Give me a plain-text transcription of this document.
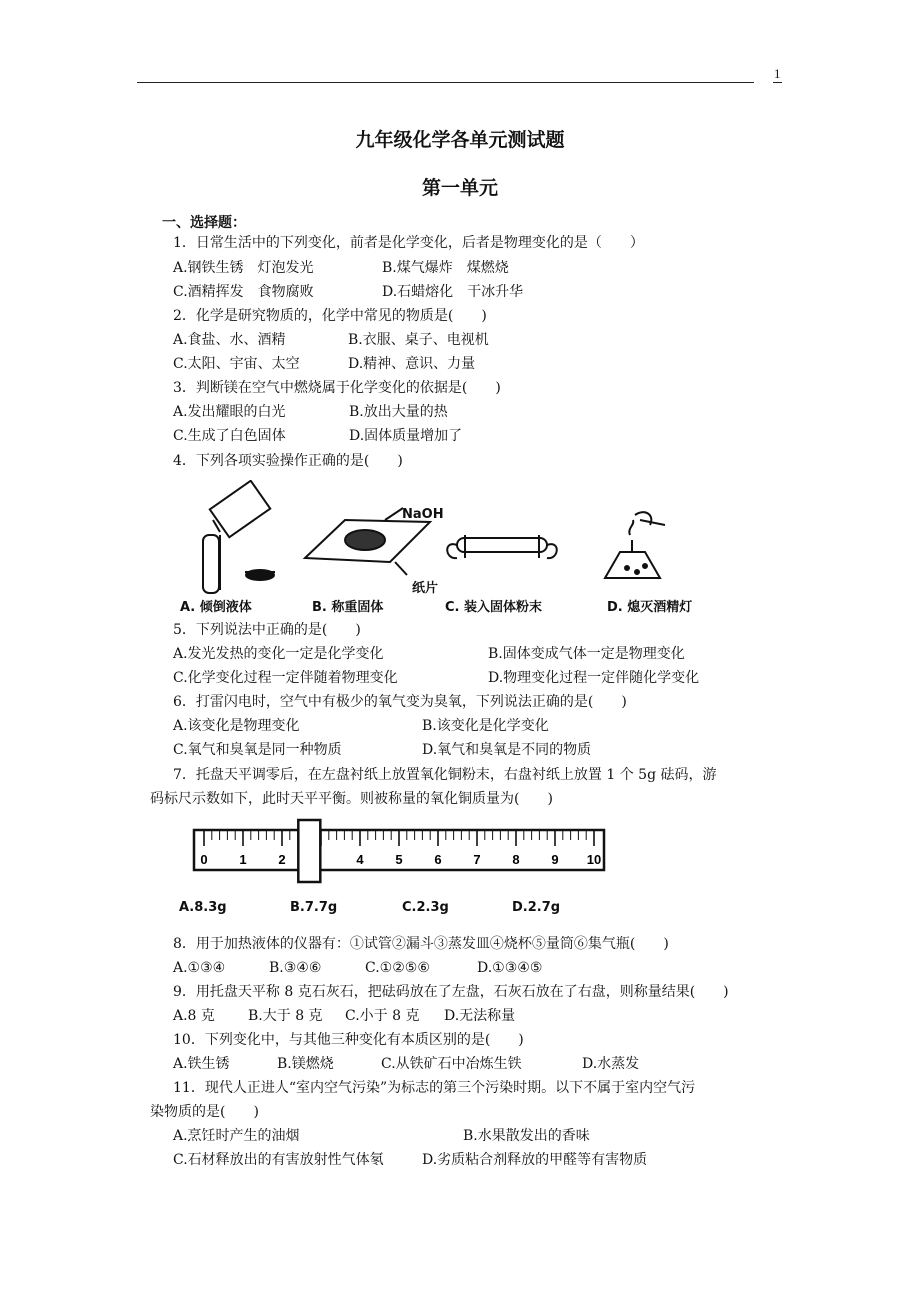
1
九年级化学各单元测试题
第一单元
一、选择题：
1．日常生活中的下列变化，前者是化学变化，后者是物理变化的是（　　）
A.钢铁生锈　灯泡发光	B.煤气爆炸　煤燃烧
C.酒精挥发　食物腐败	D.石蜡熔化　干冰升华
2．化学是研究物质的，化学中常见的物质是(　　)
A.食盐、水、酒精	B.衣服、桌子、电视机
C.太阳、宇宙、太空	D.精神、意识、力量
3．判断镁在空气中燃烧属于化学变化的依据是(　　)
A.发出耀眼的白光	B.放出大量的热
C.生成了白色固体	D.固体质量增加了
4．下列各项实验操作正确的是(　　)
NaOH
纸片
A. 倾倒液体	B. 称重固体	C. 装入固体粉末	D. 熄灭酒精灯
5．下列说法中正确的是(　　)
A.发光发热的变化一定是化学变化	B.固体变成气体一定是物理变化
C.化学变化过程一定伴随着物理变化	D.物理变化过程一定伴随化学变化
6．打雷闪电时，空气中有极少的氧气变为臭氧，下列说法正确的是(　　)
A.该变化是物理变化	B.该变化是化学变化
C.氧气和臭氧是同一种物质	D.氧气和臭氧是不同的物质
7．托盘天平调零后，在左盘衬纸上放置氧化铜粉末，右盘衬纸上放置 1 个 5g 砝码，游
码标尺示数如下，此时天平平衡。则被称量的氧化铜质量为(　　)
0 1 2	4 5 6 7 8 9 10
A.8.3g	B.7.7g	C.2.3g	D.2.7g
8．用于加热液体的仪器有：①试管②漏斗③蒸发皿④烧杯⑤量筒⑥集气瓶(　　)
A.①③④	B.③④⑥	C.①②⑤⑥	D.①③④⑤
9．用托盘天平称 8 克石灰石，把砝码放在了左盘，石灰石放在了右盘，则称量结果(　　)
A.8 克 B.大于 8 克 C.小于 8 克 D.无法称量
10．下列变化中，与其他三种变化有本质区别的是(　　)
A.铁生锈	B.镁燃烧	C.从铁矿石中冶炼生铁	D.水蒸发
11．现代人正进人“室内空气污染”为标志的第三个污染时期。以下不属于室内空气污
染物质的是(　　)
A.烹饪时产生的油烟	B.水果散发出的香味
C.石材释放出的有害放射性气体氡	D.劣质粘合剂释放的甲醛等有害物质
